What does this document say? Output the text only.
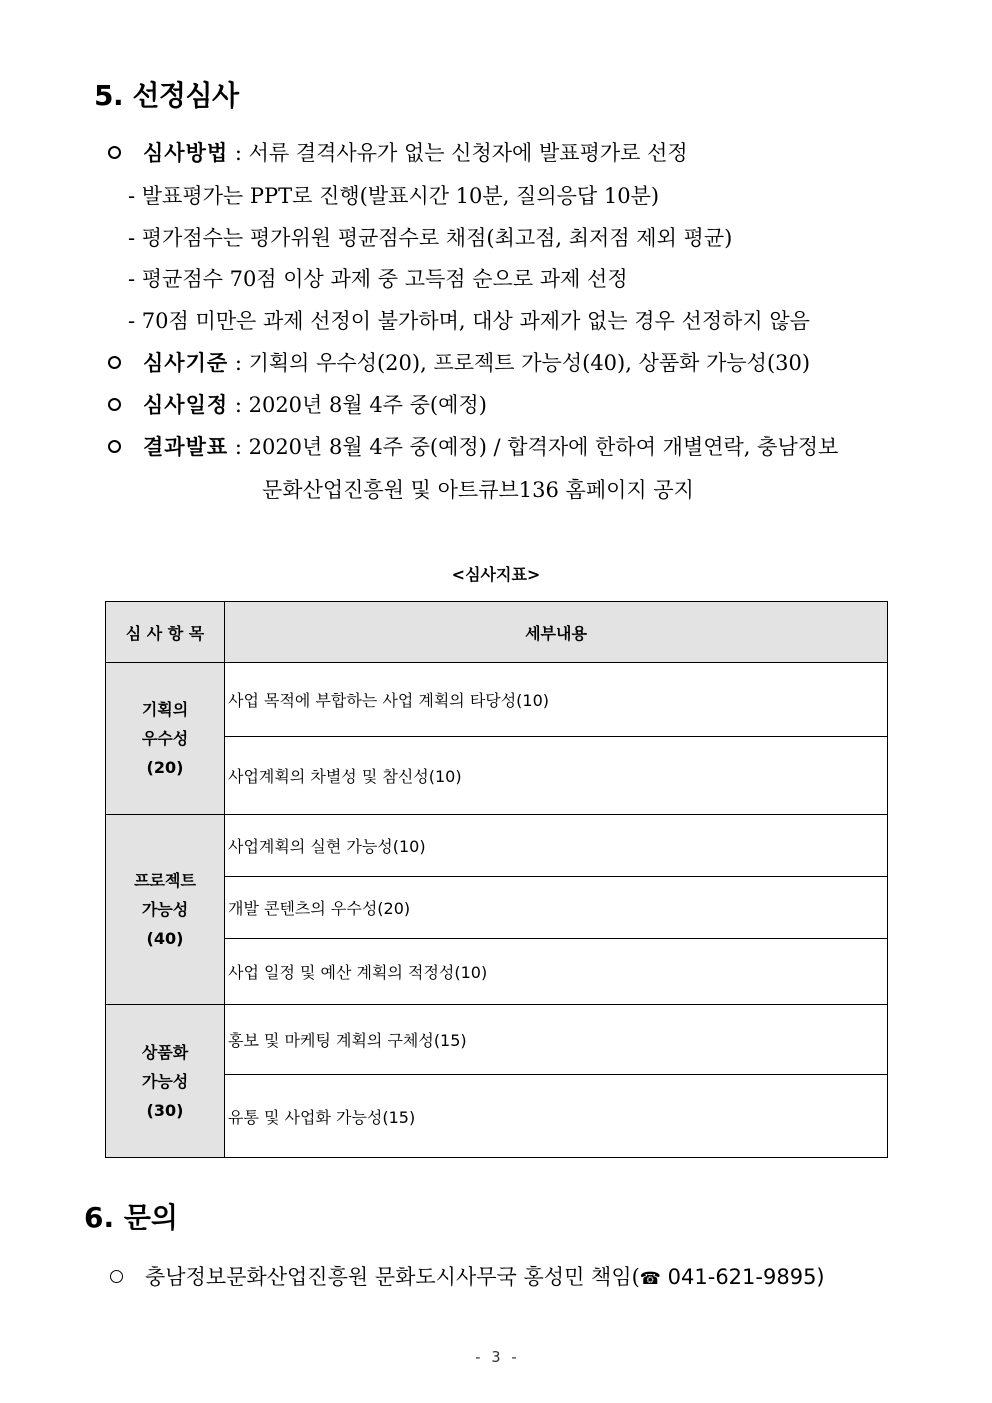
5. 선정심사
심사방법 : 서류 결격사유가 없는 신청자에 발표평가로 선정
- 발표평가는 PPT로 진행(발표시간 10분, 질의응답 10분)
- 평가점수는 평가위원 평균점수로 채점(최고점, 최저점 제외 평균)
- 평균점수 70점 이상 과제 중 고득점 순으로 과제 선정
- 70점 미만은 과제 선정이 불가하며, 대상 과제가 없는 경우 선정하지 않음
심사기준 : 기획의 우수성(20), 프로젝트 가능성(40), 상품화 가능성(30)
심사일정 : 2020년 8월 4주 중(예정)
결과발표 : 2020년 8월 4주 중(예정) / 합격자에 한하여 개별연락, 충남정보
문화산업진흥원 및 아트큐브136 홈페이지 공지
<심사지표>
심 사 항 목	세부내용

기획의
우수성
(20)	사업 목적에 부합하는 사업 계획의 타당성(10)
	사업계획의 차별성 및 참신성(10)

프로젝트
가능성
(40)	사업계획의 실현 가능성(10)
	개발 콘텐츠의 우수성(20)
	사업 일정 및 예산 계획의 적정성(10)

상품화
가능성
(30)	홍보 및 마케팅 계획의 구체성(15)
	유통 및 사업화 가능성(15)
6. 문의
충남정보문화산업진흥원 문화도시사무국 홍성민 책임(☎ 041-621-9895)
- 3 -
